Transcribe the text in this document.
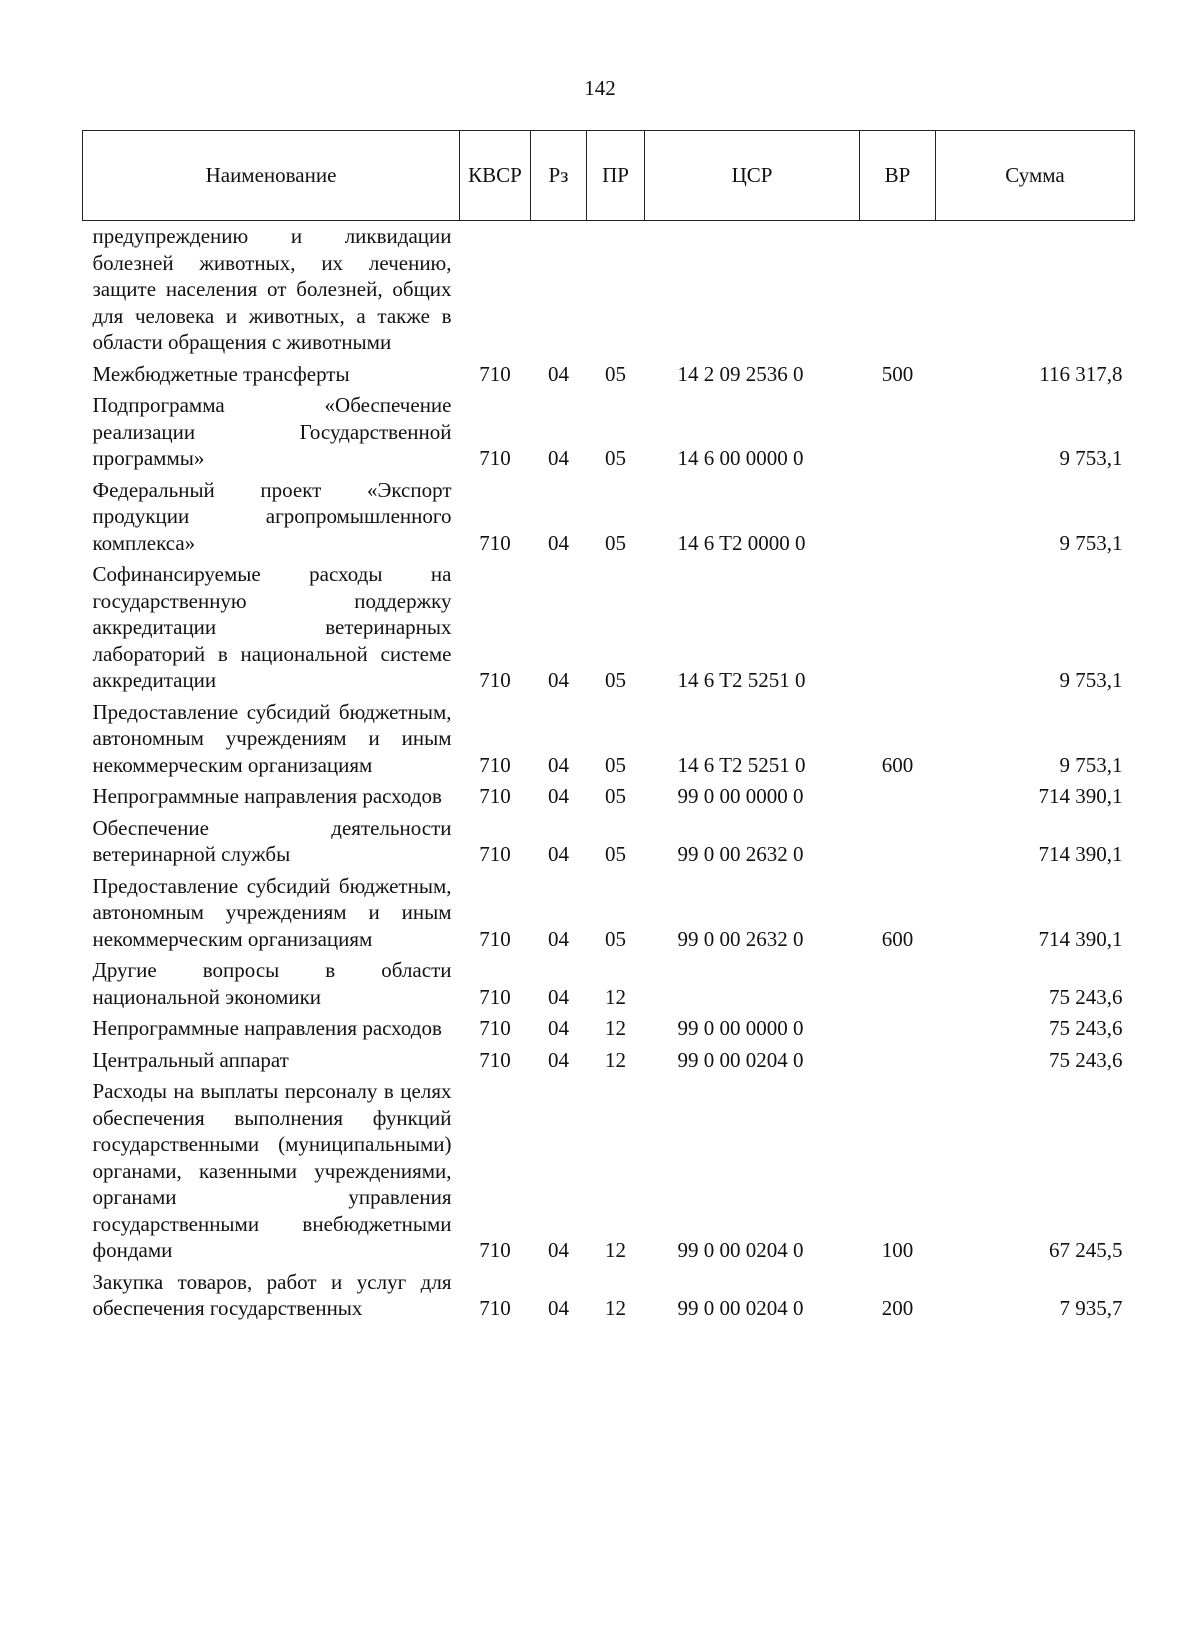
142
Наименование	КВСР	Рз	ПР	ЦСР	ВР	Сумма
предупреждению и ликвидации болезней животных, их лечению, защите населения от болезней, общих для человека и животных, а также в области обращения с животными						
Межбюджетные трансферты	710	04	05	14 2 09 2536 0	500	116 317,8
Подпрограмма «Обеспечение реализации Государственной программы»	710	04	05	14 6 00 0000 0		9 753,1
Федеральный проект «Экспорт продукции агропромышленного комплекса»	710	04	05	14 6 T2 0000 0		9 753,1
Софинансируемые расходы на государственную поддержку аккредитации ветеринарных лабораторий в национальной системе аккредитации	710	04	05	14 6 T2 5251 0		9 753,1
Предоставление субсидий бюджетным, автономным учреждениям и иным некоммерческим организациям	710	04	05	14 6 T2 5251 0	600	9 753,1
Непрограммные направления расходов	710	04	05	99 0 00 0000 0		714 390,1
Обеспечение деятельности ветеринарной службы	710	04	05	99 0 00 2632 0		714 390,1
Предоставление субсидий бюджетным, автономным учреждениям и иным некоммерческим организациям	710	04	05	99 0 00 2632 0	600	714 390,1
Другие вопросы в области национальной экономики	710	04	12			75 243,6
Непрограммные направления расходов	710	04	12	99 0 00 0000 0		75 243,6
Центральный аппарат	710	04	12	99 0 00 0204 0		75 243,6
Расходы на выплаты персоналу в целях обеспечения выполнения функций государственными (муниципальными) органами, казенными учреждениями, органами управления государственными внебюджетными фондами	710	04	12	99 0 00 0204 0	100	67 245,5
Закупка товаров, работ и услуг для обеспечения государственных	710	04	12	99 0 00 0204 0	200	7 935,7
